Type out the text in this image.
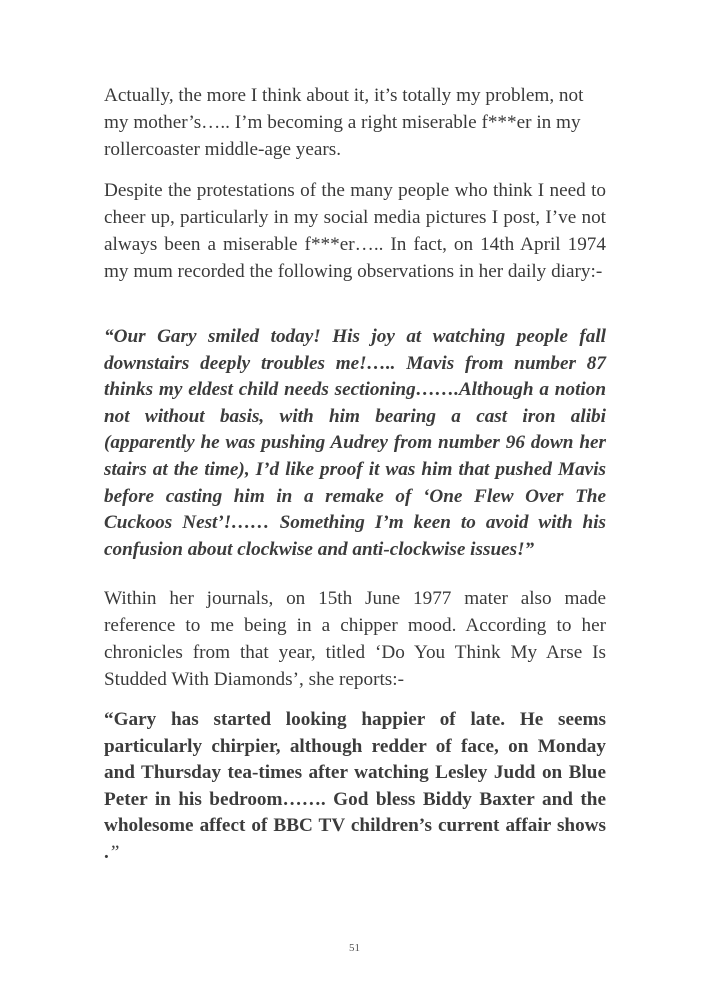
Actually, the more I think about it, it’s totally my problem, not my mother’s….. I’m becoming a right miserable f***er in my rollercoaster middle-age years.

Despite the protestations of the many people who think I need to cheer up, particularly in my social media pictures I post, I’ve not always been a miserable f***er….. In fact, on 14th April 1974 my mum recorded the following observations in her daily diary:-

“Our Gary smiled today! His joy at watching people fall downstairs deeply troubles me!….. Mavis from number 87 thinks my eldest child needs sectioning…….Although a notion not without basis, with him bearing a cast iron alibi (apparently he was pushing Audrey from number 96 down her stairs at the time), I’d like proof it was him that pushed Mavis before casting him in a remake of ‘One Flew Over The Cuckoos Nest’!…… Something I’m keen to avoid with his confusion about clockwise and anti-clockwise issues!”

Within her journals, on 15th June 1977 mater also made reference to me being in a chipper mood. According to her chronicles from that year, titled ‘Do You Think My Arse Is Studded With Diamonds’, she reports:-

“Gary has started looking happier of late. He seems particularly chirpier, although redder of face, on Monday and Thursday tea-times after watching Lesley Judd on Blue Peter in his bedroom……. God bless Biddy Baxter and the wholesome affect of BBC TV children’s current affair shows .”

51
